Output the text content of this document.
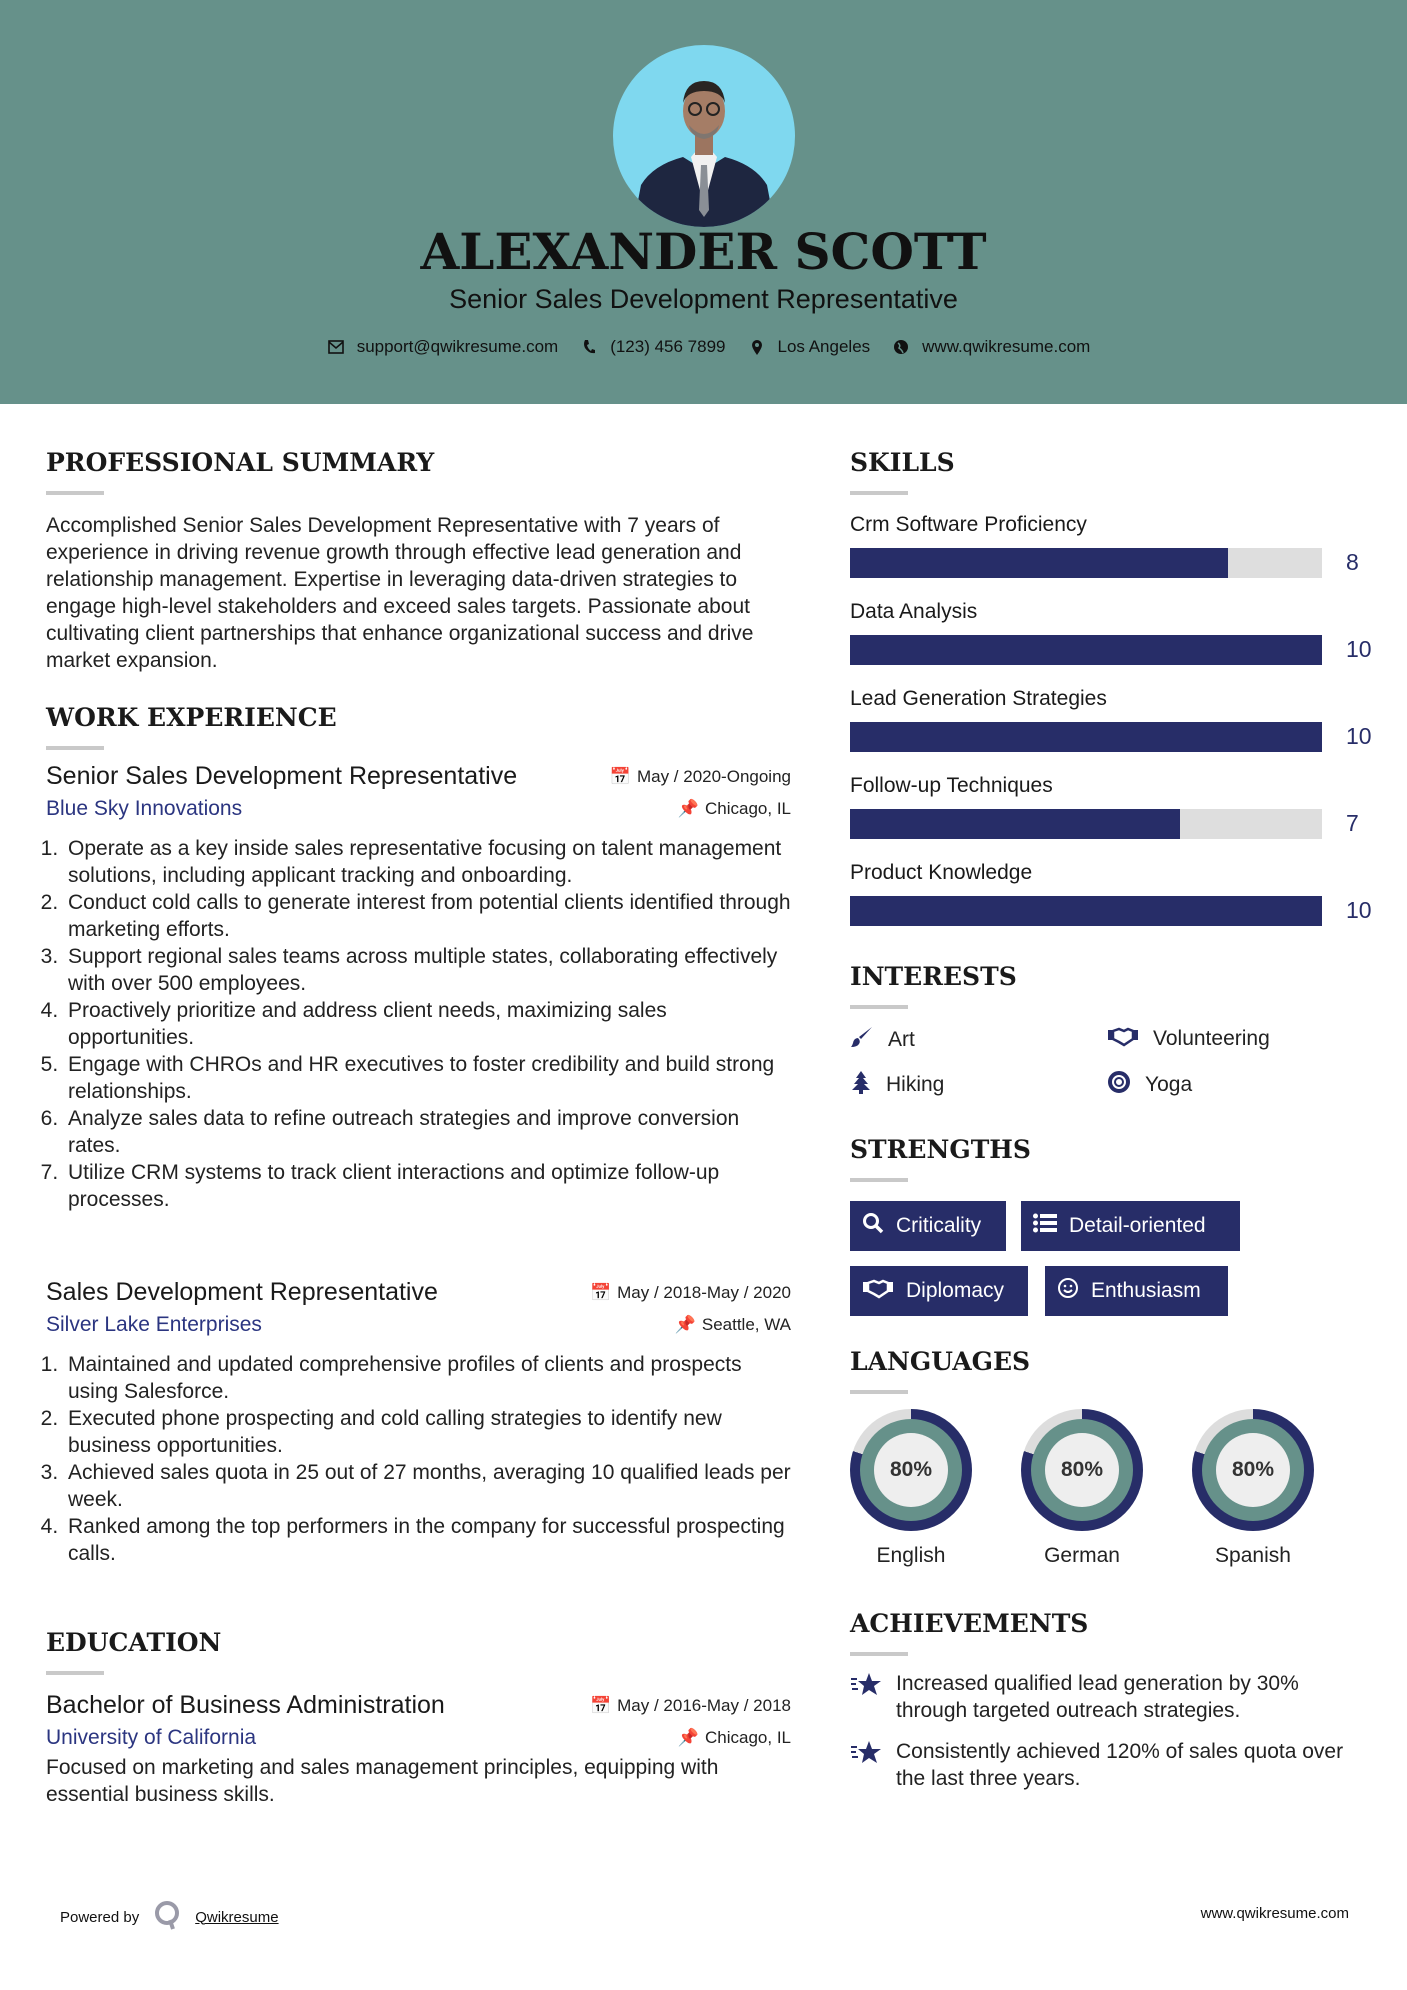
ALEXANDER SCOTT
Senior Sales Development Representative
support@qwikresume.com	(123) 456 7899	Los Angeles	www.qwikresume.com
PROFESSIONAL SUMMARY
Accomplished Senior Sales Development Representative with 7 years of experience in driving revenue growth through effective lead generation and relationship management. Expertise in leveraging data-driven strategies to engage high-level stakeholders and exceed sales targets. Passionate about cultivating client partnerships that enhance organizational success and drive market expansion.
WORK EXPERIENCE
Senior Sales Development Representative	📅 May / 2020-Ongoing
Blue Sky Innovations	📌 Chicago, IL
1. Operate as a key inside sales representative focusing on talent management solutions, including applicant tracking and onboarding.
2. Conduct cold calls to generate interest from potential clients identified through marketing efforts.
3. Support regional sales teams across multiple states, collaborating effectively with over 500 employees.
4. Proactively prioritize and address client needs, maximizing sales opportunities.
5. Engage with CHROs and HR executives to foster credibility and build strong relationships.
6. Analyze sales data to refine outreach strategies and improve conversion rates.
7. Utilize CRM systems to track client interactions and optimize follow-up processes.
Sales Development Representative	📅 May / 2018-May / 2020
Silver Lake Enterprises	📌 Seattle, WA
1. Maintained and updated comprehensive profiles of clients and prospects using Salesforce.
2. Executed phone prospecting and cold calling strategies to identify new business opportunities.
3. Achieved sales quota in 25 out of 27 months, averaging 10 qualified leads per week.
4. Ranked among the top performers in the company for successful prospecting calls.
EDUCATION
Bachelor of Business Administration	📅 May / 2016-May / 2018
University of California	📌 Chicago, IL
Focused on marketing and sales management principles, equipping with essential business skills.
SKILLS
Crm Software Proficiency
8
Data Analysis
10
Lead Generation Strategies
10
Follow-up Techniques
7
Product Knowledge
10
INTERESTS
Art	Volunteering
Hiking	Yoga
STRENGTHS
Criticality	Detail-oriented
Diplomacy	Enthusiasm
LANGUAGES
80%
English
80%
German
80%
Spanish
ACHIEVEMENTS
Increased qualified lead generation by 30% through targeted outreach strategies.
Consistently achieved 120% of sales quota over the last three years.
Powered by	Qwikresume	www.qwikresume.com
